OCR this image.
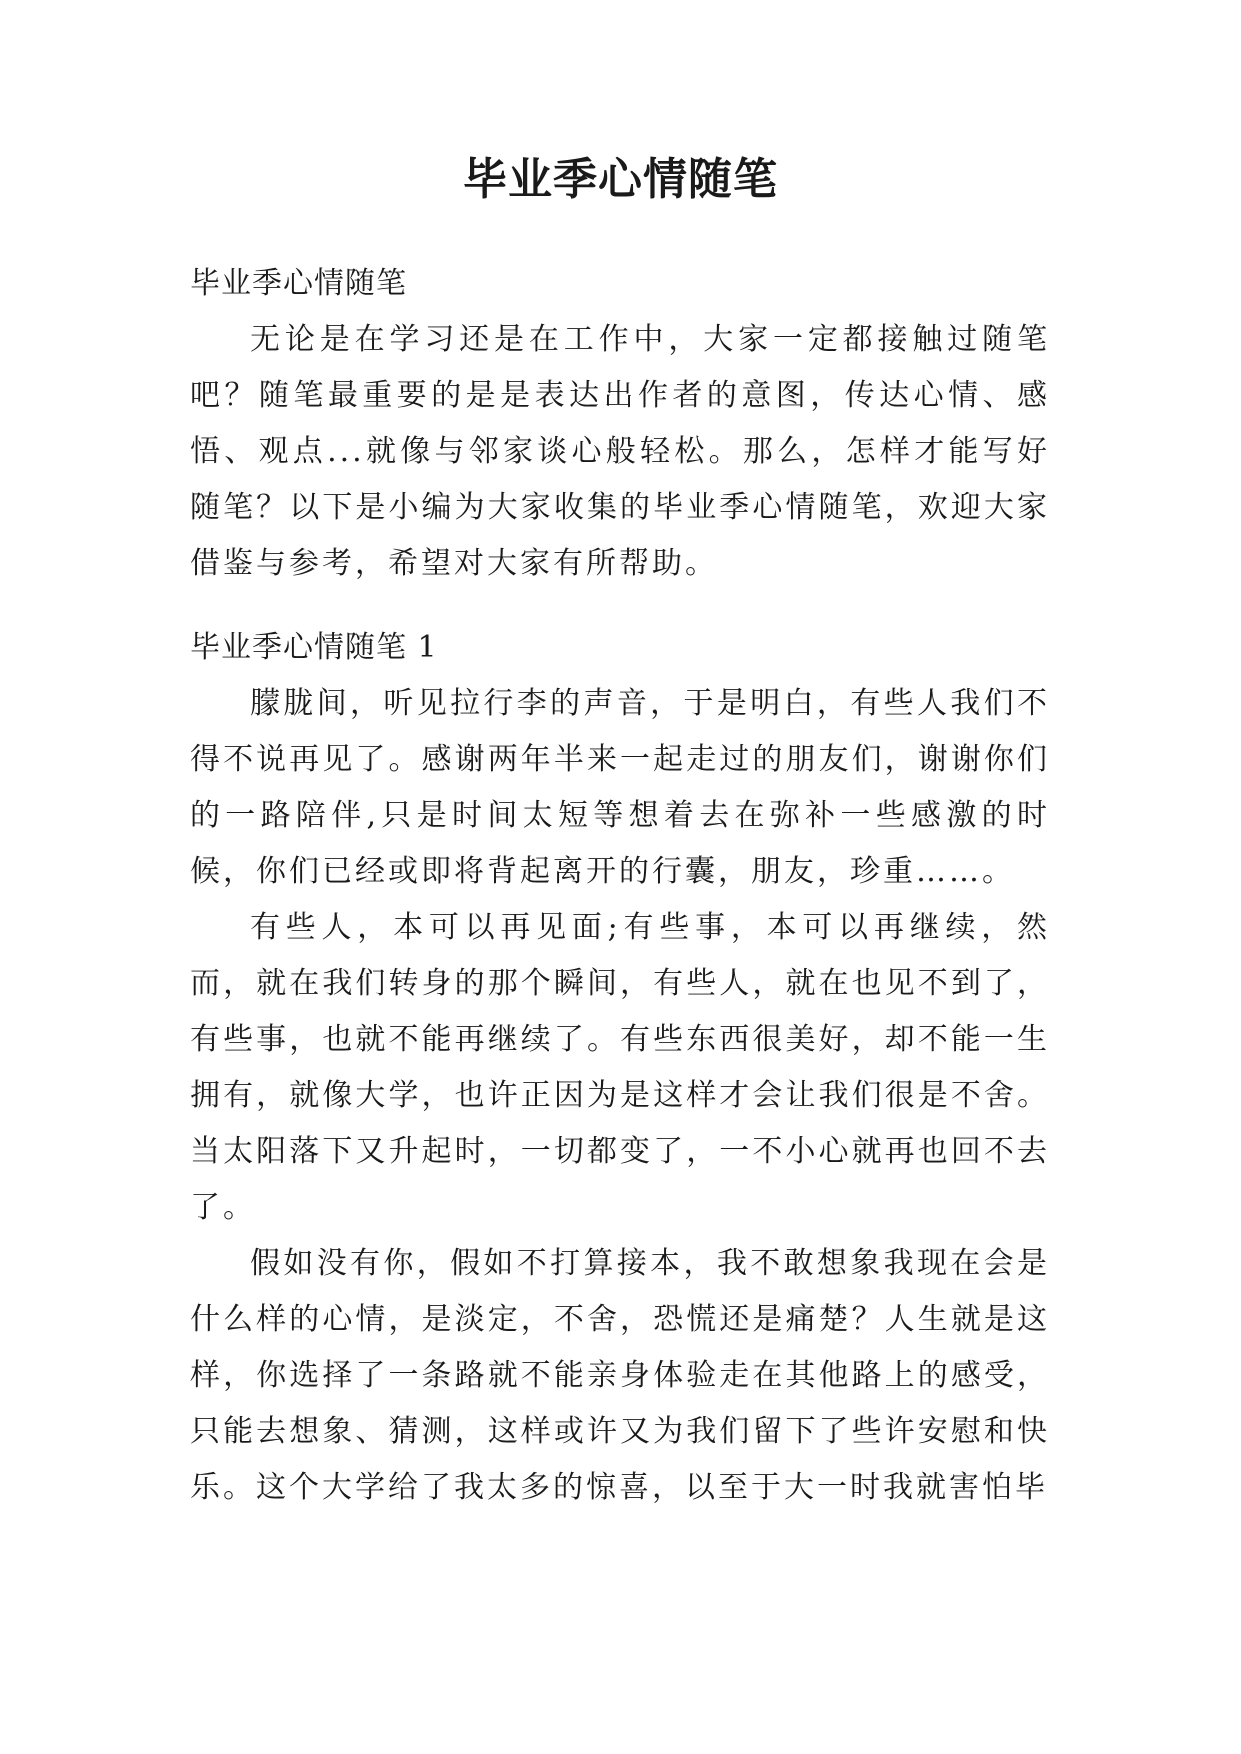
毕业季心情随笔
毕业季心情随笔

无论是在学习还是在工作中，大家一定都接触过随笔吧？随笔最重要的是是表达出作者的意图，传达心情、感悟、观点...就像与邻家谈心般轻松。那么，怎样才能写好随笔？以下是小编为大家收集的毕业季心情随笔，欢迎大家借鉴与参考，希望对大家有所帮助。

毕业季心情随笔 1

朦胧间，听见拉行李的声音，于是明白，有些人我们不得不说再见了。感谢两年半来一起走过的朋友们，谢谢你们的一路陪伴,只是时间太短等想着去在弥补一些感激的时候，你们已经或即将背起离开的行囊，朋友，珍重……。

有些人，本可以再见面;有些事，本可以再继续，然而，就在我们转身的那个瞬间，有些人，就在也见不到了，有些事，也就不能再继续了。有些东西很美好，却不能一生拥有，就像大学，也许正因为是这样才会让我们很是不舍。当太阳落下又升起时，一切都变了，一不小心就再也回不去了。

假如没有你，假如不打算接本，我不敢想象我现在会是什么样的心情，是淡定，不舍，恐慌还是痛楚？人生就是这样，你选择了一条路就不能亲身体验走在其他路上的感受，只能去想象、猜测，这样或许又为我们留下了些许安慰和快乐。这个大学给了我太多的惊喜，以至于大一时我就害怕毕
